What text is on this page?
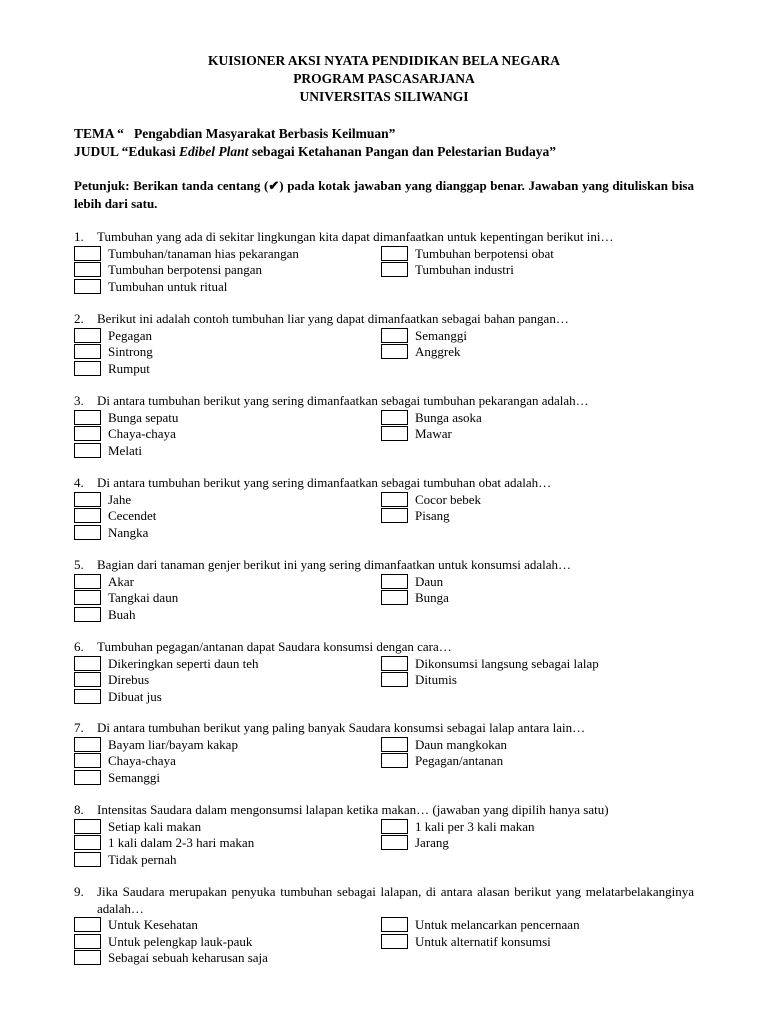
KUISIONER AKSI NYATA PENDIDIKAN BELA NEGARA
PROGRAM PASCASARJANA
UNIVERSITAS SILIWANGI
TEMA “   Pengabdian Masyarakat Berbasis Keilmuan”
JUDUL “Edukasi Edibel Plant sebagai Ketahanan Pangan dan Pelestarian Budaya”
Petunjuk: Berikan tanda centang (✔) pada kotak jawaban yang dianggap benar. Jawaban yang dituliskan bisa lebih dari satu.
1. Tumbuhan yang ada di sekitar lingkungan kita dapat dimanfaatkan untuk kepentingan berikut ini…
Tumbuhan/tanaman hias pekarangan	Tumbuhan berpotensi obat
Tumbuhan berpotensi pangan	Tumbuhan industri
Tumbuhan untuk ritual
2. Berikut ini adalah contoh tumbuhan liar yang dapat dimanfaatkan sebagai bahan pangan…
Pegagan	Semanggi
Sintrong	Anggrek
Rumput
3. Di antara tumbuhan berikut yang sering dimanfaatkan sebagai tumbuhan pekarangan adalah…
Bunga sepatu	Bunga asoka
Chaya-chaya	Mawar
Melati
4. Di antara tumbuhan berikut yang sering dimanfaatkan sebagai tumbuhan obat adalah…
Jahe	Cocor bebek
Cecendet	Pisang
Nangka
5. Bagian dari tanaman genjer berikut ini yang sering dimanfaatkan untuk konsumsi adalah…
Akar	Daun
Tangkai daun	Bunga
Buah
6. Tumbuhan pegagan/antanan dapat Saudara konsumsi dengan cara…
Dikeringkan seperti daun teh	Dikonsumsi langsung sebagai lalap
Direbus	Ditumis
Dibuat jus
7. Di antara tumbuhan berikut yang paling banyak Saudara konsumsi sebagai lalap antara lain…
Bayam liar/bayam kakap	Daun mangkokan
Chaya-chaya	Pegagan/antanan
Semanggi
8. Intensitas Saudara dalam mengonsumsi lalapan ketika makan… (jawaban yang dipilih hanya satu)
Setiap kali makan	1 kali per 3 kali makan
1 kali dalam 2-3 hari makan	Jarang
Tidak pernah
9. Jika Saudara merupakan penyuka tumbuhan sebagai lalapan, di antara alasan berikut yang melatarbelakanginya adalah…
Untuk Kesehatan	Untuk melancarkan pencernaan
Untuk pelengkap lauk-pauk	Untuk alternatif konsumsi
Sebagai sebuah keharusan saja
